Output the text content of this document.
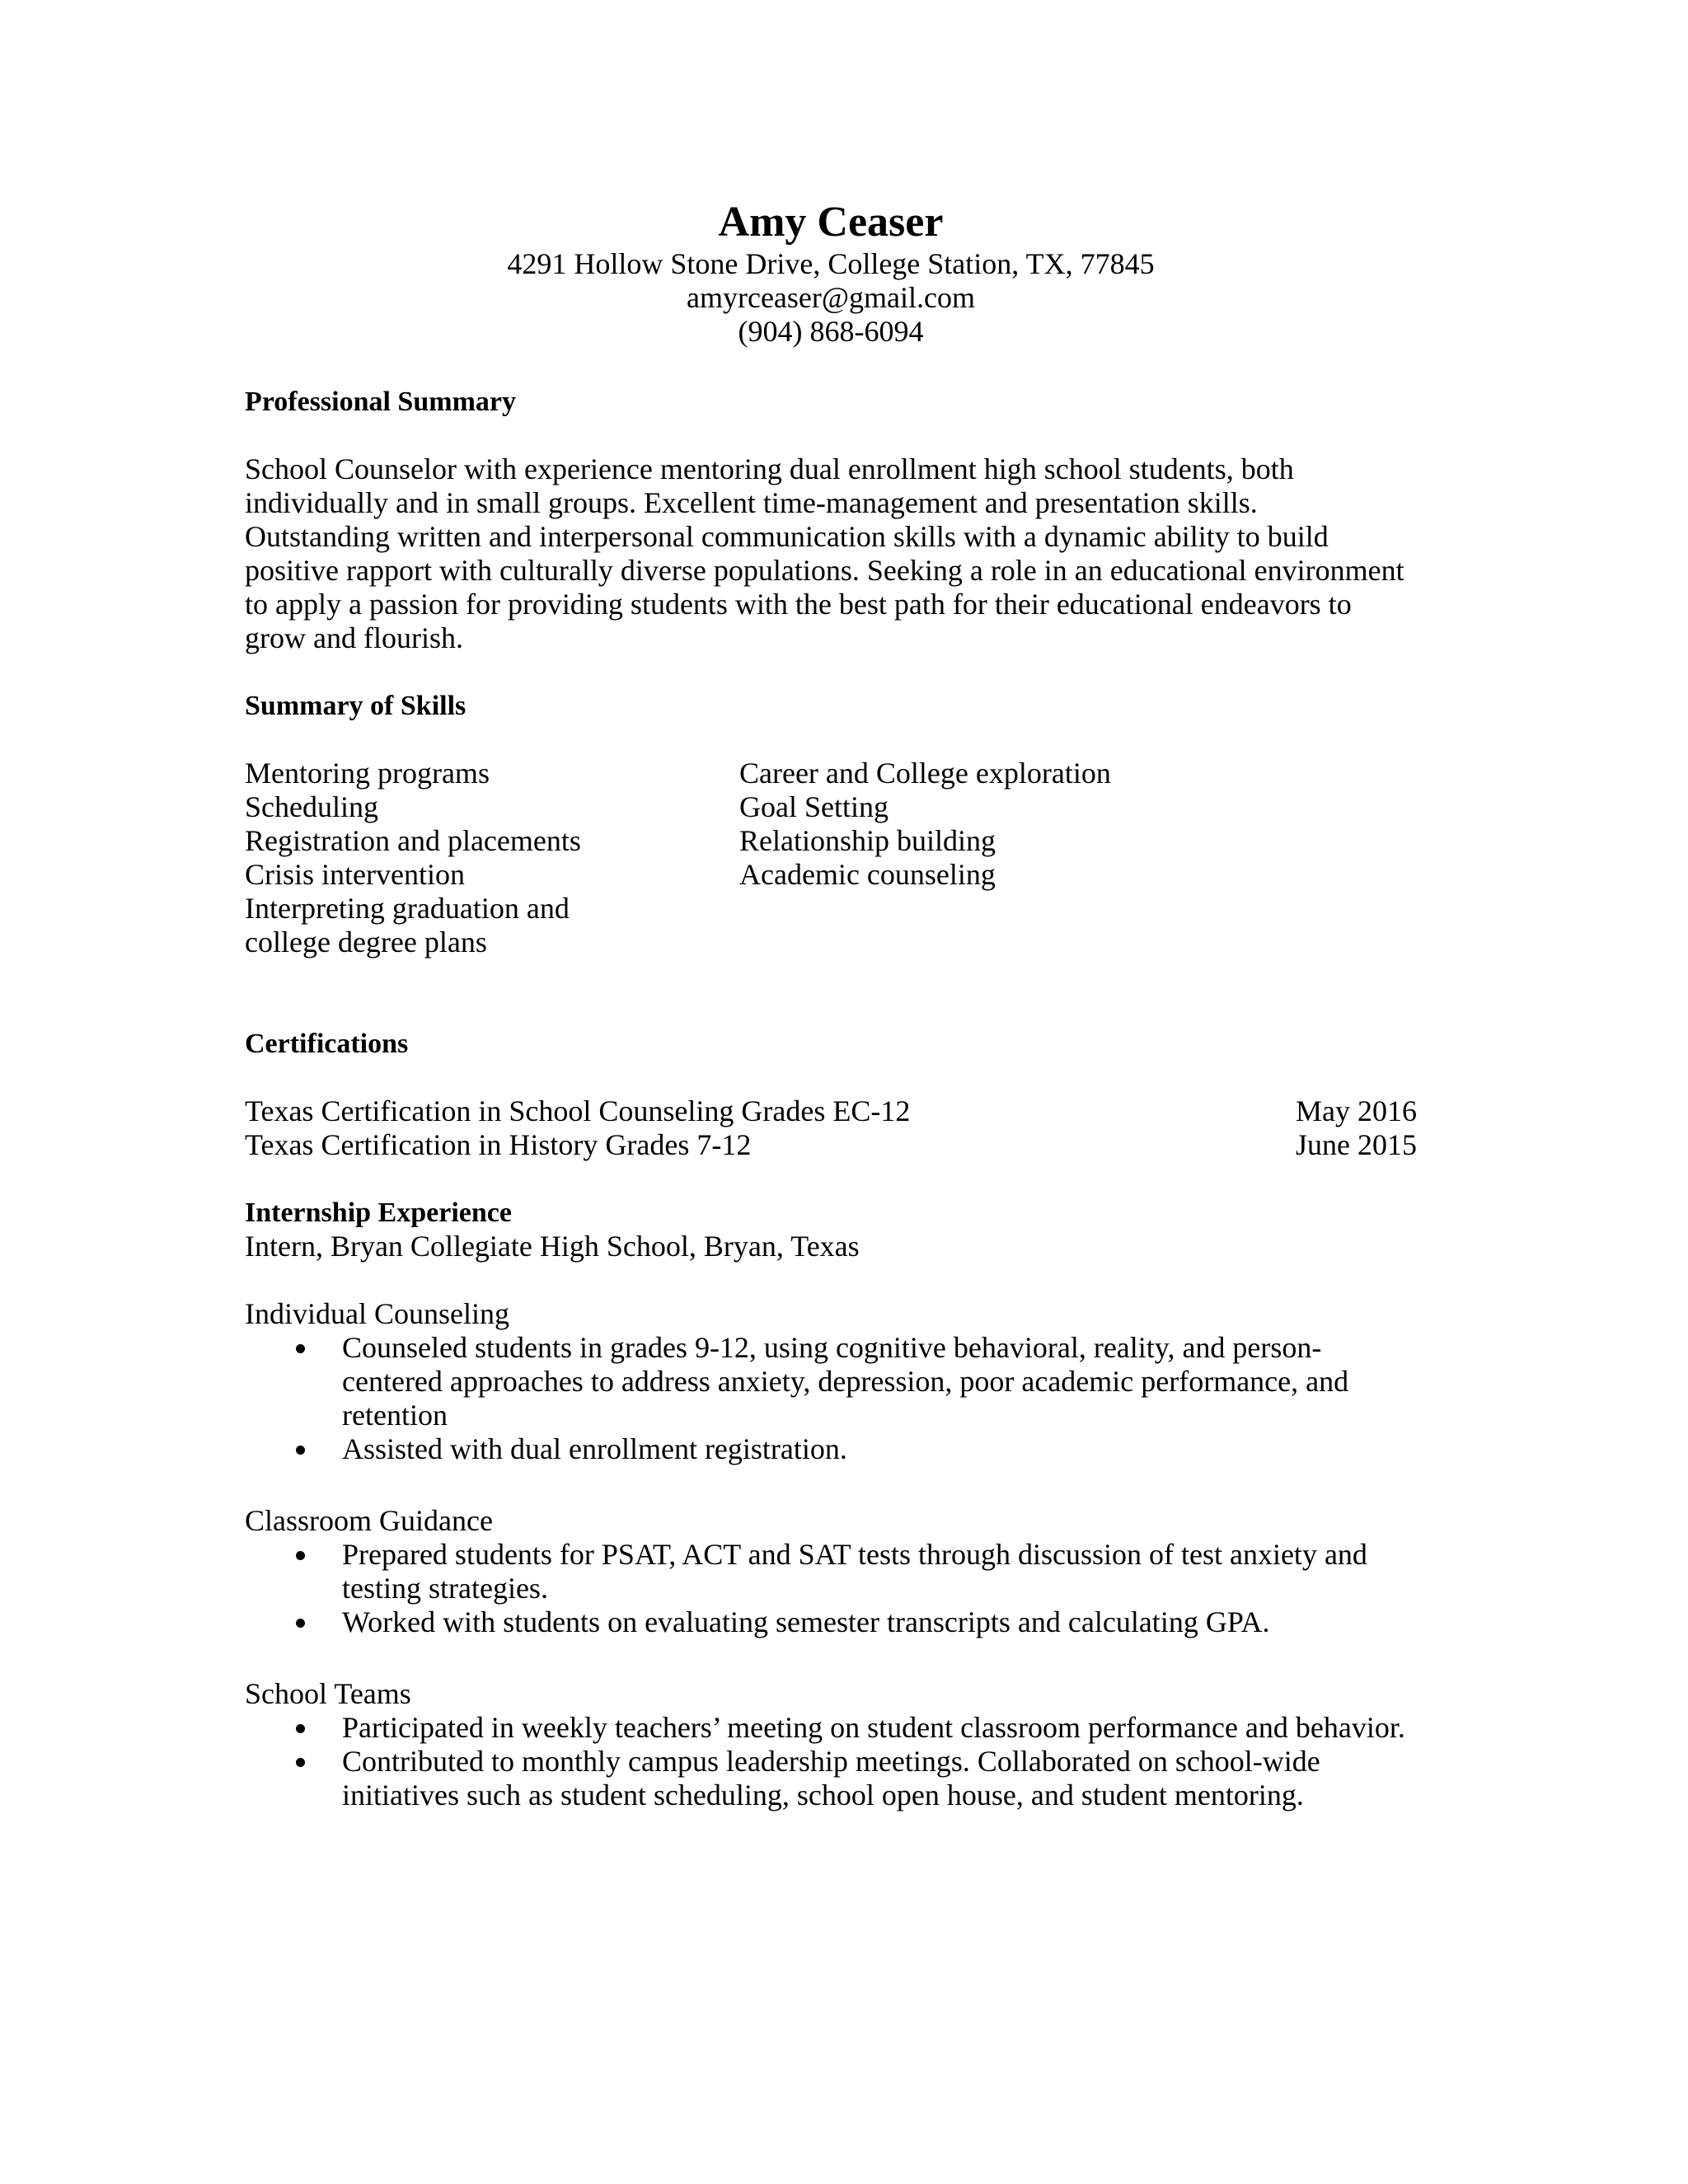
Amy Ceaser
4291 Hollow Stone Drive, College Station, TX, 77845
amyrceaser@gmail.com
(904) 868-6094
Professional Summary
School Counselor with experience mentoring dual enrollment high school students, both
individually and in small groups. Excellent time-management and presentation skills.
Outstanding written and interpersonal communication skills with a dynamic ability to build
positive rapport with culturally diverse populations. Seeking a role in an educational environment
to apply a passion for providing students with the best path for their educational endeavors to
grow and flourish.
Summary of Skills
Mentoring programs
Scheduling
Registration and placements
Crisis intervention
Interpreting graduation and
college degree plans
Career and College exploration
Goal Setting
Relationship building
Academic counseling
Certifications
Texas Certification in School Counseling Grades EC-12	May 2016
Texas Certification in History Grades 7-12	June 2015
Internship Experience
Intern, Bryan Collegiate High School, Bryan, Texas
Individual Counseling
Counseled students in grades 9-12, using cognitive behavioral, reality, and person-
centered approaches to address anxiety, depression, poor academic performance, and
retention
Assisted with dual enrollment registration.
Classroom Guidance
Prepared students for PSAT, ACT and SAT tests through discussion of test anxiety and
testing strategies.
Worked with students on evaluating semester transcripts and calculating GPA.
School Teams
Participated in weekly teachers’ meeting on student classroom performance and behavior.
Contributed to monthly campus leadership meetings. Collaborated on school-wide
initiatives such as student scheduling, school open house, and student mentoring.
